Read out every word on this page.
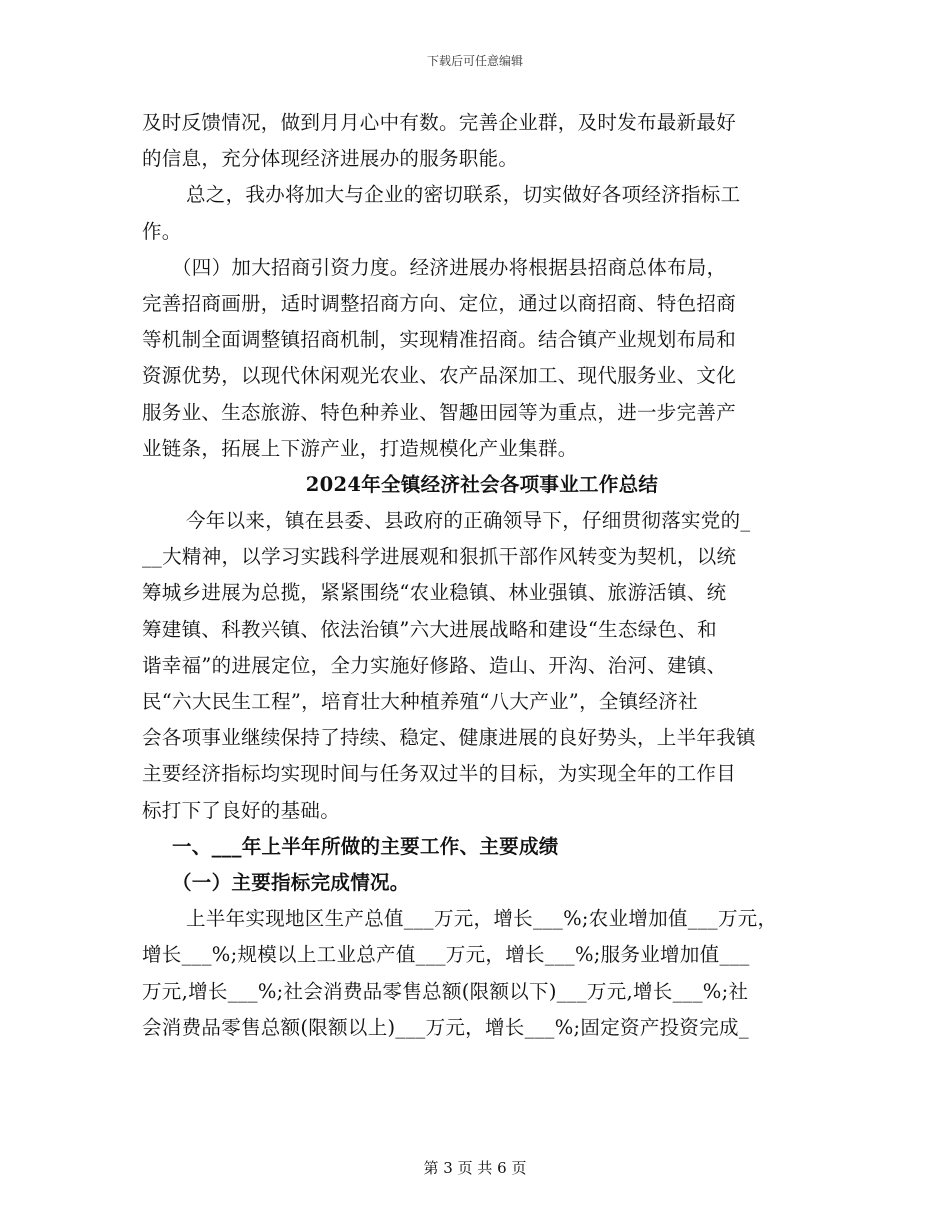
下载后可任意编辑
及时反馈情况，做到月月心中有数。完善企业群，及时发布最新最好
的信息，充分体现经济进展办的服务职能。
总之，我办将加大与企业的密切联系，切实做好各项经济指标工
作。
（四）加大招商引资力度。经济进展办将根据县招商总体布局，
完善招商画册，适时调整招商方向、定位，通过以商招商、特色招商
等机制全面调整镇招商机制，实现精准招商。结合镇产业规划布局和
资源优势，以现代休闲观光农业、农产品深加工、现代服务业、文化
服务业、生态旅游、特色种养业、智趣田园等为重点，进一步完善产
业链条，拓展上下游产业，打造规模化产业集群。
2024年全镇经济社会各项事业工作总结
今年以来，镇在县委、县政府的正确领导下，仔细贯彻落实党的_
__大精神，以学习实践科学进展观和狠抓干部作风转变为契机，以统
筹城乡进展为总揽，紧紧围绕“农业稳镇、林业强镇、旅游活镇、统
筹建镇、科教兴镇、依法治镇”六大进展战略和建设“生态绿色、和
谐幸福”的进展定位，全力实施好修路、造山、开沟、治河、建镇、
民“六大民生工程”，培育壮大种植养殖“八大产业”，全镇经济社
会各项事业继续保持了持续、稳定、健康进展的良好势头，上半年我镇
主要经济指标均实现时间与任务双过半的目标，为实现全年的工作目
标打下了良好的基础。
一、___年上半年所做的主要工作、主要成绩
（一）主要指标完成情况。
上半年实现地区生产总值___万元，增长___%;农业增加值___万元，
增长___%;规模以上工业总产值___万元，增长___%;服务业增加值___
万元,增长___%;社会消费品零售总额(限额以下)___万元,增长___%;社
会消费品零售总额(限额以上)___万元，增长___%;固定资产投资完成_
第 3 页 共 6 页
